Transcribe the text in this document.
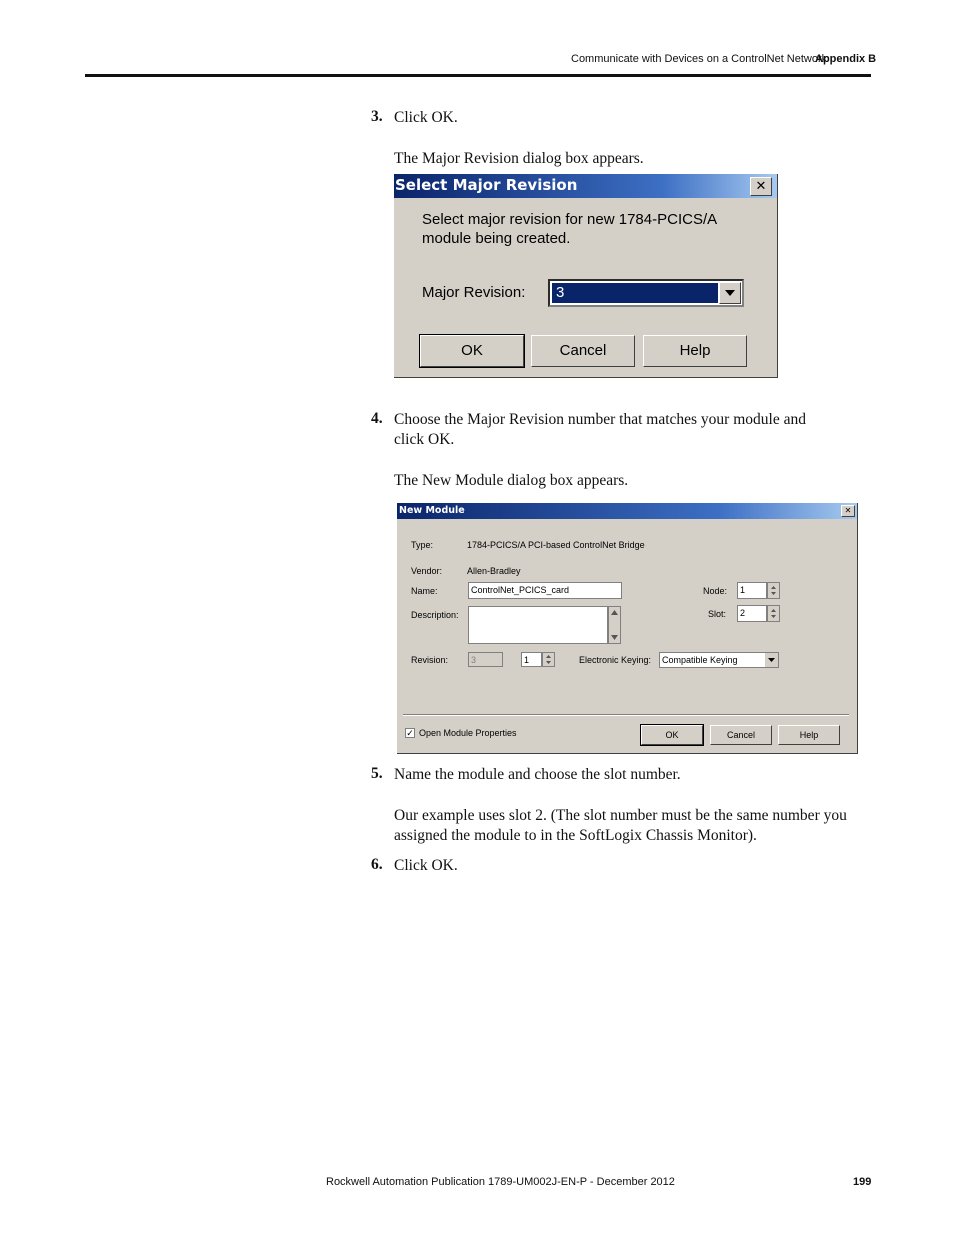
Communicate with Devices on a ControlNet Network
Appendix B
3. Click OK.
The Major Revision dialog box appears.
Select Major Revision	✕
Select major revision for new 1784-PCICS/A
module being created.
Major Revision: 3
OK	Cancel	Help
4. Choose the Major Revision number that matches your module and
click OK.
The New Module dialog box appears.
New Module	✕
Type:	1784-PCICS/A PCI-based ControlNet Bridge
Vendor:	Allen-Bradley
Name:	ControlNet_PCICS_card
Description:
Node:	1
Slot:	2
Revision:	3	1	Electronic Keying:	Compatible Keying
✓ Open Module Properties	OK	Cancel	Help
5. Name the module and choose the slot number.
Our example uses slot 2. (The slot number must be the same number you
assigned the module to in the SoftLogix Chassis Monitor).
6. Click OK.
Rockwell Automation Publication 1789-UM002J-EN-P - December 2012	199
